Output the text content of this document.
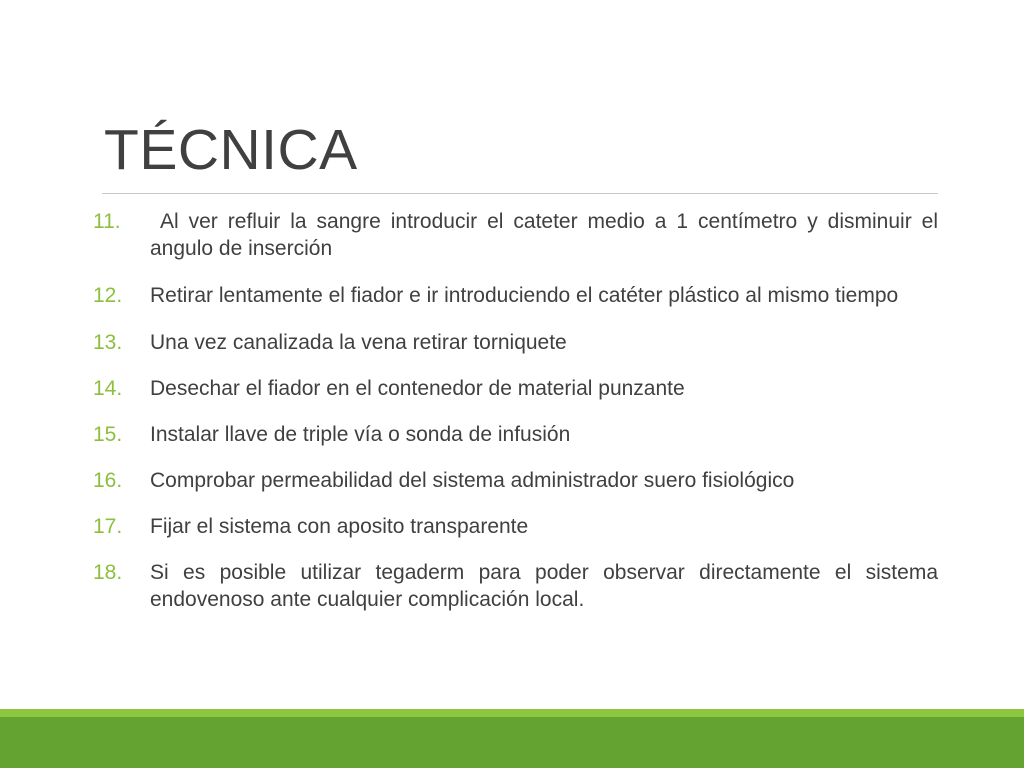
TÉCNICA
11. Al ver refluir la sangre introducir el cateter medio a 1 centímetro y disminuir el angulo de inserción
12. Retirar lentamente el fiador e ir introduciendo el catéter plástico al mismo tiempo
13. Una vez canalizada la vena retirar torniquete
14. Desechar el fiador en el contenedor de material punzante
15. Instalar llave de triple vía o sonda de infusión
16. Comprobar permeabilidad del sistema administrador suero fisiológico
17. Fijar el sistema con aposito transparente
18. Si es posible utilizar tegaderm para poder observar directamente el sistema endovenoso ante cualquier complicación local.
